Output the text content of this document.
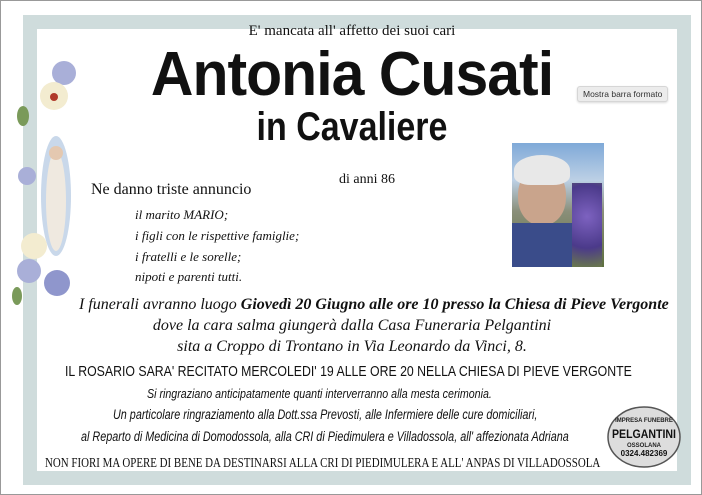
E' mancata all' affetto dei suoi cari
Antonia Cusati
in Cavaliere
Mostra barra formato
di anni 86
Ne danno triste annuncio
il marito MARIO;
i figli con le rispettive famiglie;
i fratelli e le sorelle;
nipoti e parenti tutti.
I funerali avranno luogo Giovedì 20 Giugno alle ore 10 presso la Chiesa di Pieve Vergonte
dove la cara salma giungerà dalla Casa Funeraria Pelgantini
sita a Croppo di Trontano in Via Leonardo da Vinci, 8.
IL ROSARIO SARA' RECITATO MERCOLEDI' 19 ALLE ORE 20 NELLA CHIESA DI PIEVE VERGONTE
Si ringraziano anticipatamente quanti interverranno alla mesta cerimonia.
Un particolare ringraziamento alla Dott.ssa Prevosti, alle Infermiere delle cure domiciliari,
al Reparto di Medicina di Domodossola, alla CRI di Piedimulera e Villadossola, all' affezionata Adriana
NON FIORI MA OPERE DI BENE DA DESTINARSI ALLA CRI DI PIEDIMULERA E ALL' ANPAS DI VILLADOSSOLA
IMPRESA FUNEBRE
PELGANTINI
OSSOLANA
0324.482369
